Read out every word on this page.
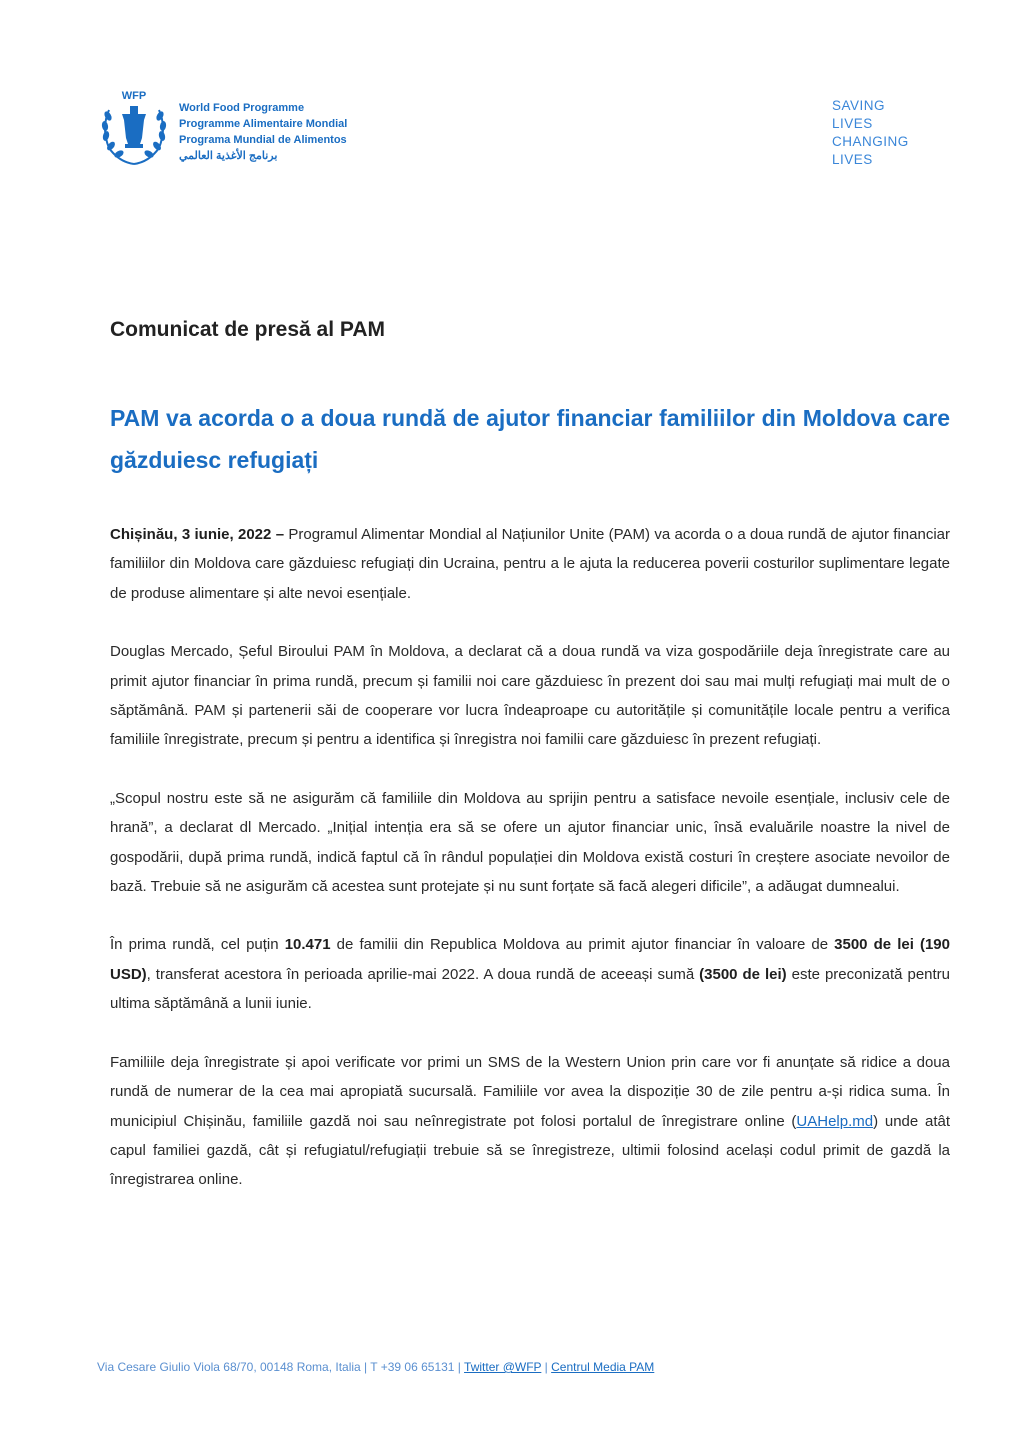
WFP
World Food Programme
Programme Alimentaire Mondial
Programa Mundial de Alimentos
برنامج الأغذية العالمي
SAVING
LIVES
CHANGING
LIVES
Comunicat de presă al PAM
PAM va acorda o a doua rundă de ajutor financiar familiilor din Moldova care găzduiesc refugiați

Chișinău, 3 iunie, 2022 – Programul Alimentar Mondial al Națiunilor Unite (PAM) va acorda o a doua rundă de ajutor financiar familiilor din Moldova care găzduiesc refugiați din Ucraina, pentru a le ajuta la reducerea poverii costurilor suplimentare legate de produse alimentare și alte nevoi esențiale.

Douglas Mercado, Șeful Biroului PAM în Moldova, a declarat că a doua rundă va viza gospodăriile deja înregistrate care au primit ajutor financiar în prima rundă, precum și familii noi care găzduiesc în prezent doi sau mai mulți refugiați mai mult de o săptămână. PAM și partenerii săi de cooperare vor lucra îndeaproape cu autoritățile și comunitățile locale pentru a verifica familiile înregistrate, precum și pentru a identifica și înregistra noi familii care găzduiesc în prezent refugiați.

„Scopul nostru este să ne asigurăm că familiile din Moldova au sprijin pentru a satisface nevoile esențiale, inclusiv cele de hrană”, a declarat dl Mercado. „Inițial intenția era să se ofere un ajutor financiar unic, însă evaluările noastre la nivel de gospodării, după prima rundă, indică faptul că în rândul populației din Moldova există costuri în creștere asociate nevoilor de bază. Trebuie să ne asigurăm că acestea sunt protejate și nu sunt forțate să facă alegeri dificile”, a adăugat dumnealui.

În prima rundă, cel puțin 10.471 de familii din Republica Moldova au primit ajutor financiar în valoare de 3500 de lei (190 USD), transferat acestora în perioada aprilie-mai 2022. A doua rundă de aceeași sumă (3500 de lei) este preconizată pentru ultima săptămână a lunii iunie.

Familiile deja înregistrate și apoi verificate vor primi un SMS de la Western Union prin care vor fi anunțate să ridice a doua rundă de numerar de la cea mai apropiată sucursală. Familiile vor avea la dispoziție 30 de zile pentru a-și ridica suma. În municipiul Chișinău, familiile gazdă noi sau neînregistrate pot folosi portalul de înregistrare online (UAHelp.md) unde atât capul familiei gazdă, cât și refugiatul/refugiații trebuie să se înregistreze, ultimii folosind același codul primit de gazdă la înregistrarea online.

Via Cesare Giulio Viola 68/70, 00148 Roma, Italia | T +39 06 65131 | Twitter @WFP | Centrul Media PAM
